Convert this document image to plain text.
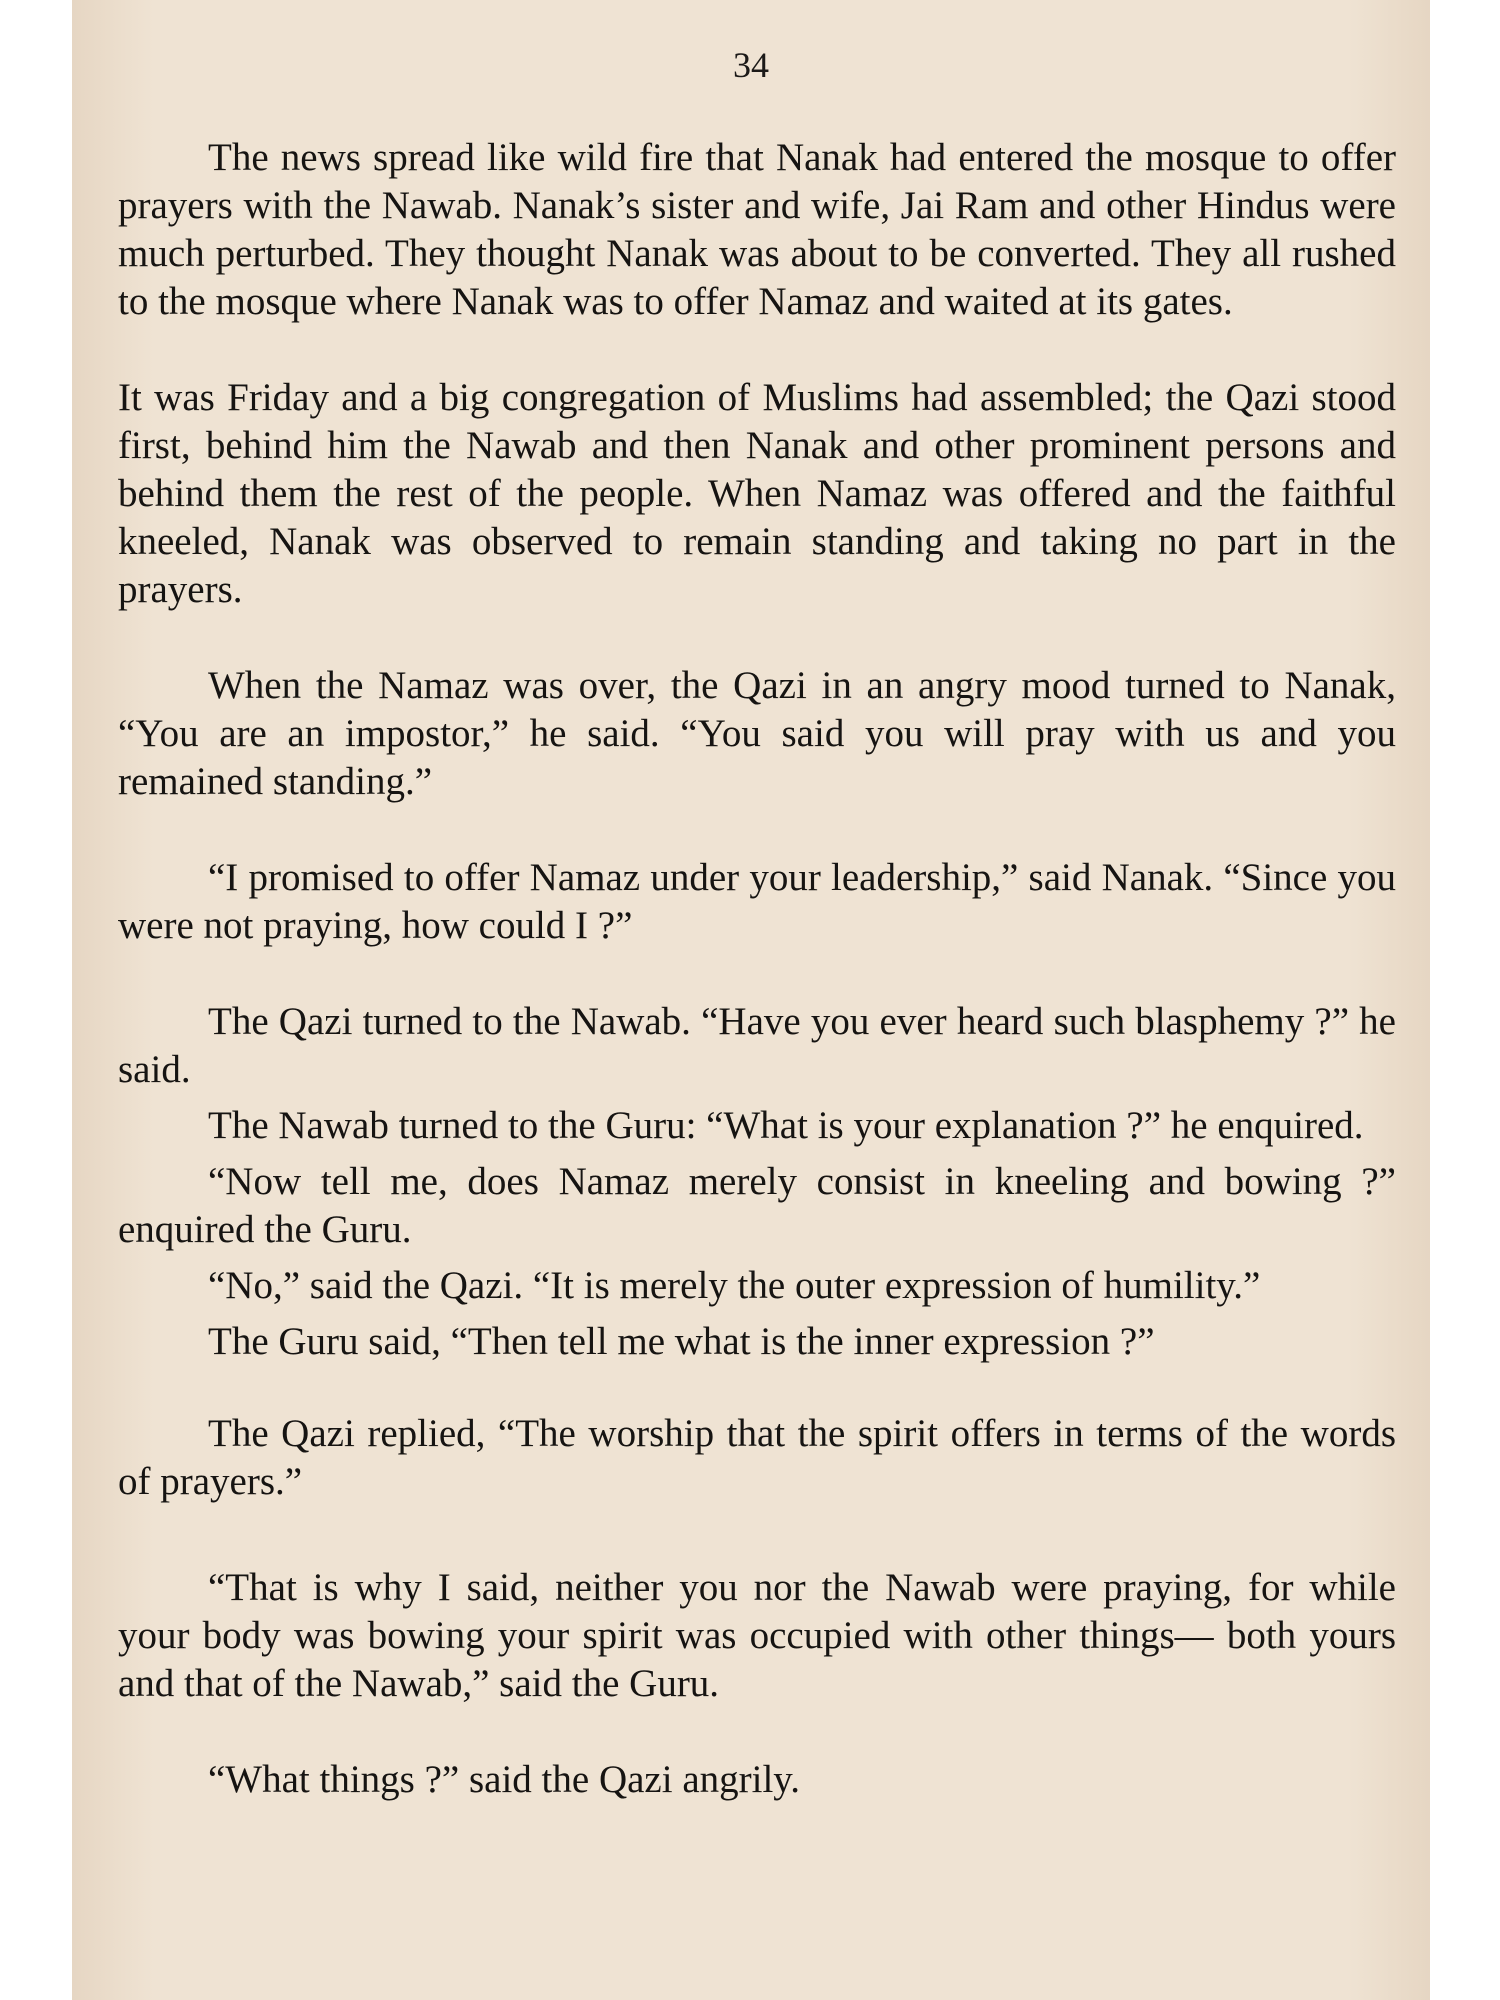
34

The news spread like wild fire that Nanak had entered the mosque to offer prayers with the Nawab. Nanak’s sister and wife, Jai Ram and other Hindus were much perturbed. They thought Nanak was about to be converted. They all rushed to the mosque where Nanak was to offer Namaz and waited at its gates.

It was Friday and a big congregation of Muslims had assembled; the Qazi stood first, behind him the Nawab and then Nanak and other prominent persons and behind them the rest of the people. When Namaz was offered and the faithful kneeled, Nanak was observed to remain standing and taking no part in the prayers.

When the Namaz was over, the Qazi in an angry mood turned to Nanak, “You are an impostor,” he said. “You said you will pray with us and you remained standing.”

“I promised to offer Namaz under your leadership,” said Nanak. “Since you were not praying, how could I ?”

The Qazi turned to the Nawab. “Have you ever heard such blasphemy ?” he said.

The Nawab turned to the Guru: “What is your explanation ?” he enquired.

“Now tell me, does Namaz merely consist in kneeling and bowing ?” enquired the Guru.

“No,” said the Qazi. “It is merely the outer expression of humility.”

The Guru said, “Then tell me what is the inner expression ?”

The Qazi replied, “The worship that the spirit offers in terms of the words of prayers.”

“That is why I said, neither you nor the Nawab were praying, for while your body was bowing your spirit was occupied with other things— both yours and that of the Nawab,” said the Guru.

“What things ?” said the Qazi angrily.
